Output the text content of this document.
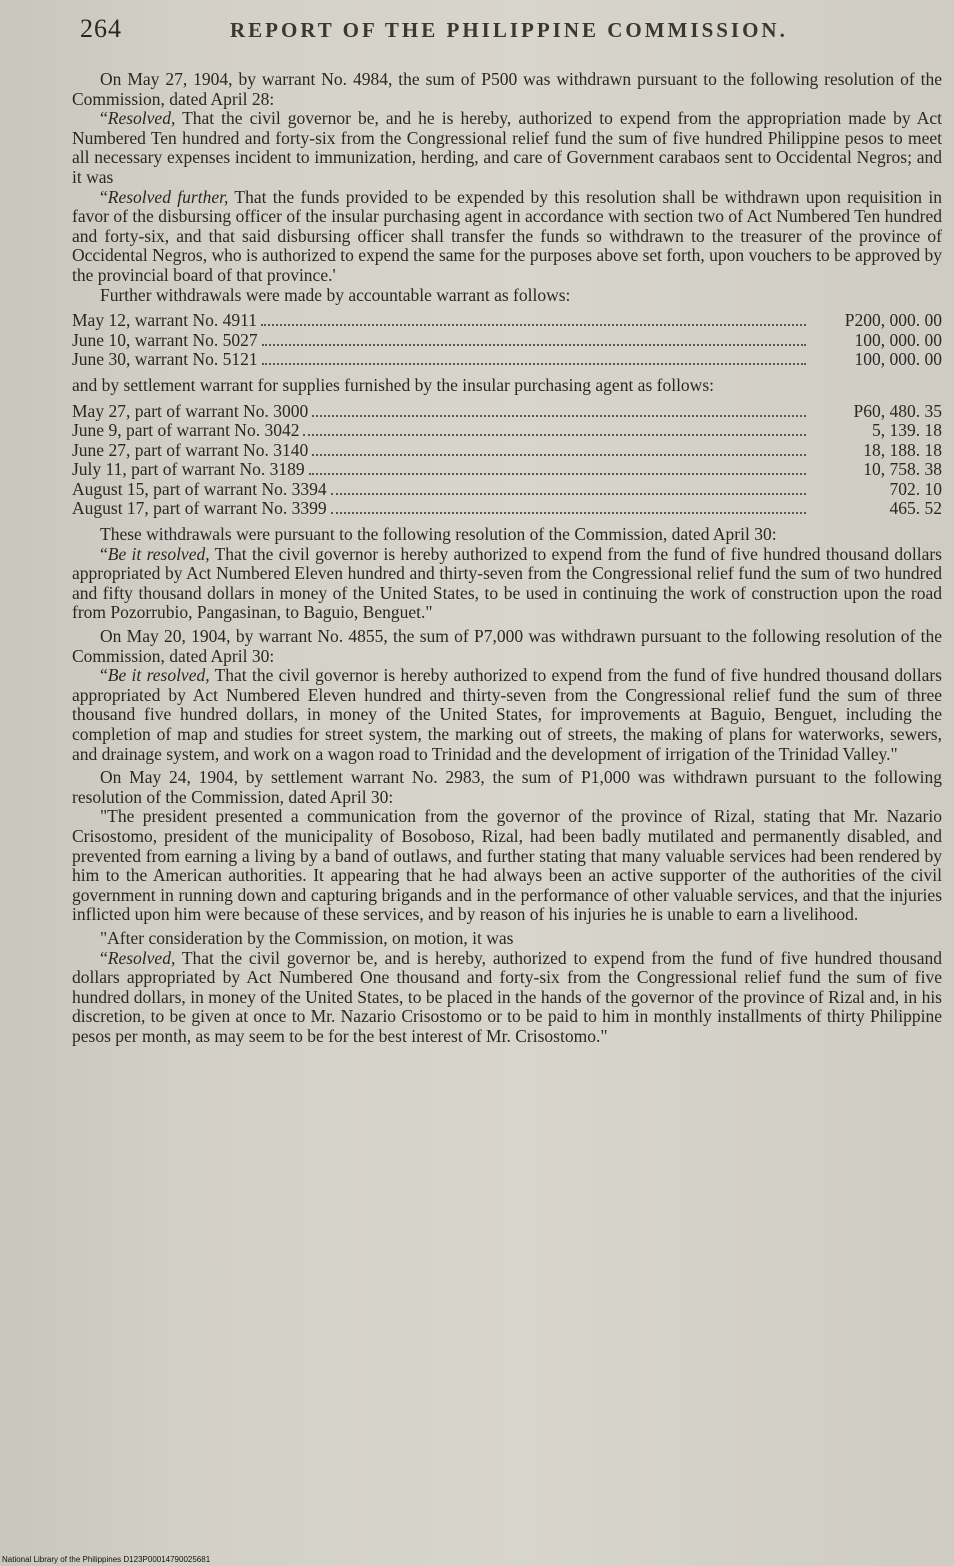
264	REPORT OF THE PHILIPPINE COMMISSION.

On May 27, 1904, by warrant No. 4984, the sum of P500 was withdrawn pursuant to the following resolution of the Commission, dated April 28:

“Resolved, That the civil governor be, and he is hereby, authorized to expend from the appropriation made by Act Numbered Ten hundred and forty-six from the Congressional relief fund the sum of five hundred Philippine pesos to meet all necessary expenses incident to immunization, herding, and care of Government carabaos sent to Occidental Negros; and it was

“Resolved further, That the funds provided to be expended by this resolution shall be withdrawn upon requisition in favor of the disbursing officer of the insular purchasing agent in accordance with section two of Act Numbered Ten hundred and forty-six, and that said disbursing officer shall transfer the funds so withdrawn to the treasurer of the province of Occidental Negros, who is authorized to expend the same for the purposes above set forth, upon vouchers to be approved by the provincial board of that province.'

Further withdrawals were made by accountable warrant as follows:

May 12, warrant No. 4911	P200, 000. 00
June 10, warrant No. 5027	100, 000. 00
June 30, warrant No. 5121	100, 000. 00

and by settlement warrant for supplies furnished by the insular purchasing agent as follows:

May 27, part of warrant No. 3000	P60, 480. 35
June 9, part of warrant No. 3042	5, 139. 18
June 27, part of warrant No. 3140	18, 188. 18
July 11, part of warrant No. 3189	10, 758. 38
August 15, part of warrant No. 3394	702. 10
August 17, part of warrant No. 3399	465. 52

These withdrawals were pursuant to the following resolution of the Commission, dated April 30:

“Be it resolved, That the civil governor is hereby authorized to expend from the fund of five hundred thousand dollars appropriated by Act Numbered Eleven hundred and thirty-seven from the Congressional relief fund the sum of two hundred and fifty thousand dollars in money of the United States, to be used in continuing the work of construction upon the road from Pozorrubio, Pangasinan, to Baguio, Benguet."

On May 20, 1904, by warrant No. 4855, the sum of P7,000 was withdrawn pursuant to the following resolution of the Commission, dated April 30:

“Be it resolved, That the civil governor is hereby authorized to expend from the fund of five hundred thousand dollars appropriated by Act Numbered Eleven hundred and thirty-seven from the Congressional relief fund the sum of three thousand five hundred dollars, in money of the United States, for improvements at Baguio, Benguet, including the completion of map and studies for street system, the marking out of streets, the making of plans for waterworks, sewers, and drainage system, and work on a wagon road to Trinidad and the development of irrigation of the Trinidad Valley."

On May 24, 1904, by settlement warrant No. 2983, the sum of P1,000 was withdrawn pursuant to the following resolution of the Commission, dated April 30:

"The president presented a communication from the governor of the province of Rizal, stating that Mr. Nazario Crisostomo, president of the municipality of Bosoboso, Rizal, had been badly mutilated and permanently disabled, and prevented from earning a living by a band of outlaws, and further stating that many valuable services had been rendered by him to the American authorities. It appearing that he had always been an active supporter of the authorities of the civil government in running down and capturing brigands and in the performance of other valuable services, and that the injuries inflicted upon him were because of these services, and by reason of his injuries he is unable to earn a livelihood.

"After consideration by the Commission, on motion, it was

“Resolved, That the civil governor be, and is hereby, authorized to expend from the fund of five hundred thousand dollars appropriated by Act Numbered One thousand and forty-six from the Congressional relief fund the sum of five hundred dollars, in money of the United States, to be placed in the hands of the governor of the province of Rizal and, in his discretion, to be given at once to Mr. Nazario Crisostomo or to be paid to him in monthly installments of thirty Philippine pesos per month, as may seem to be for the best interest of Mr. Crisostomo."

National Library of the Philippines D123P00014790025681
